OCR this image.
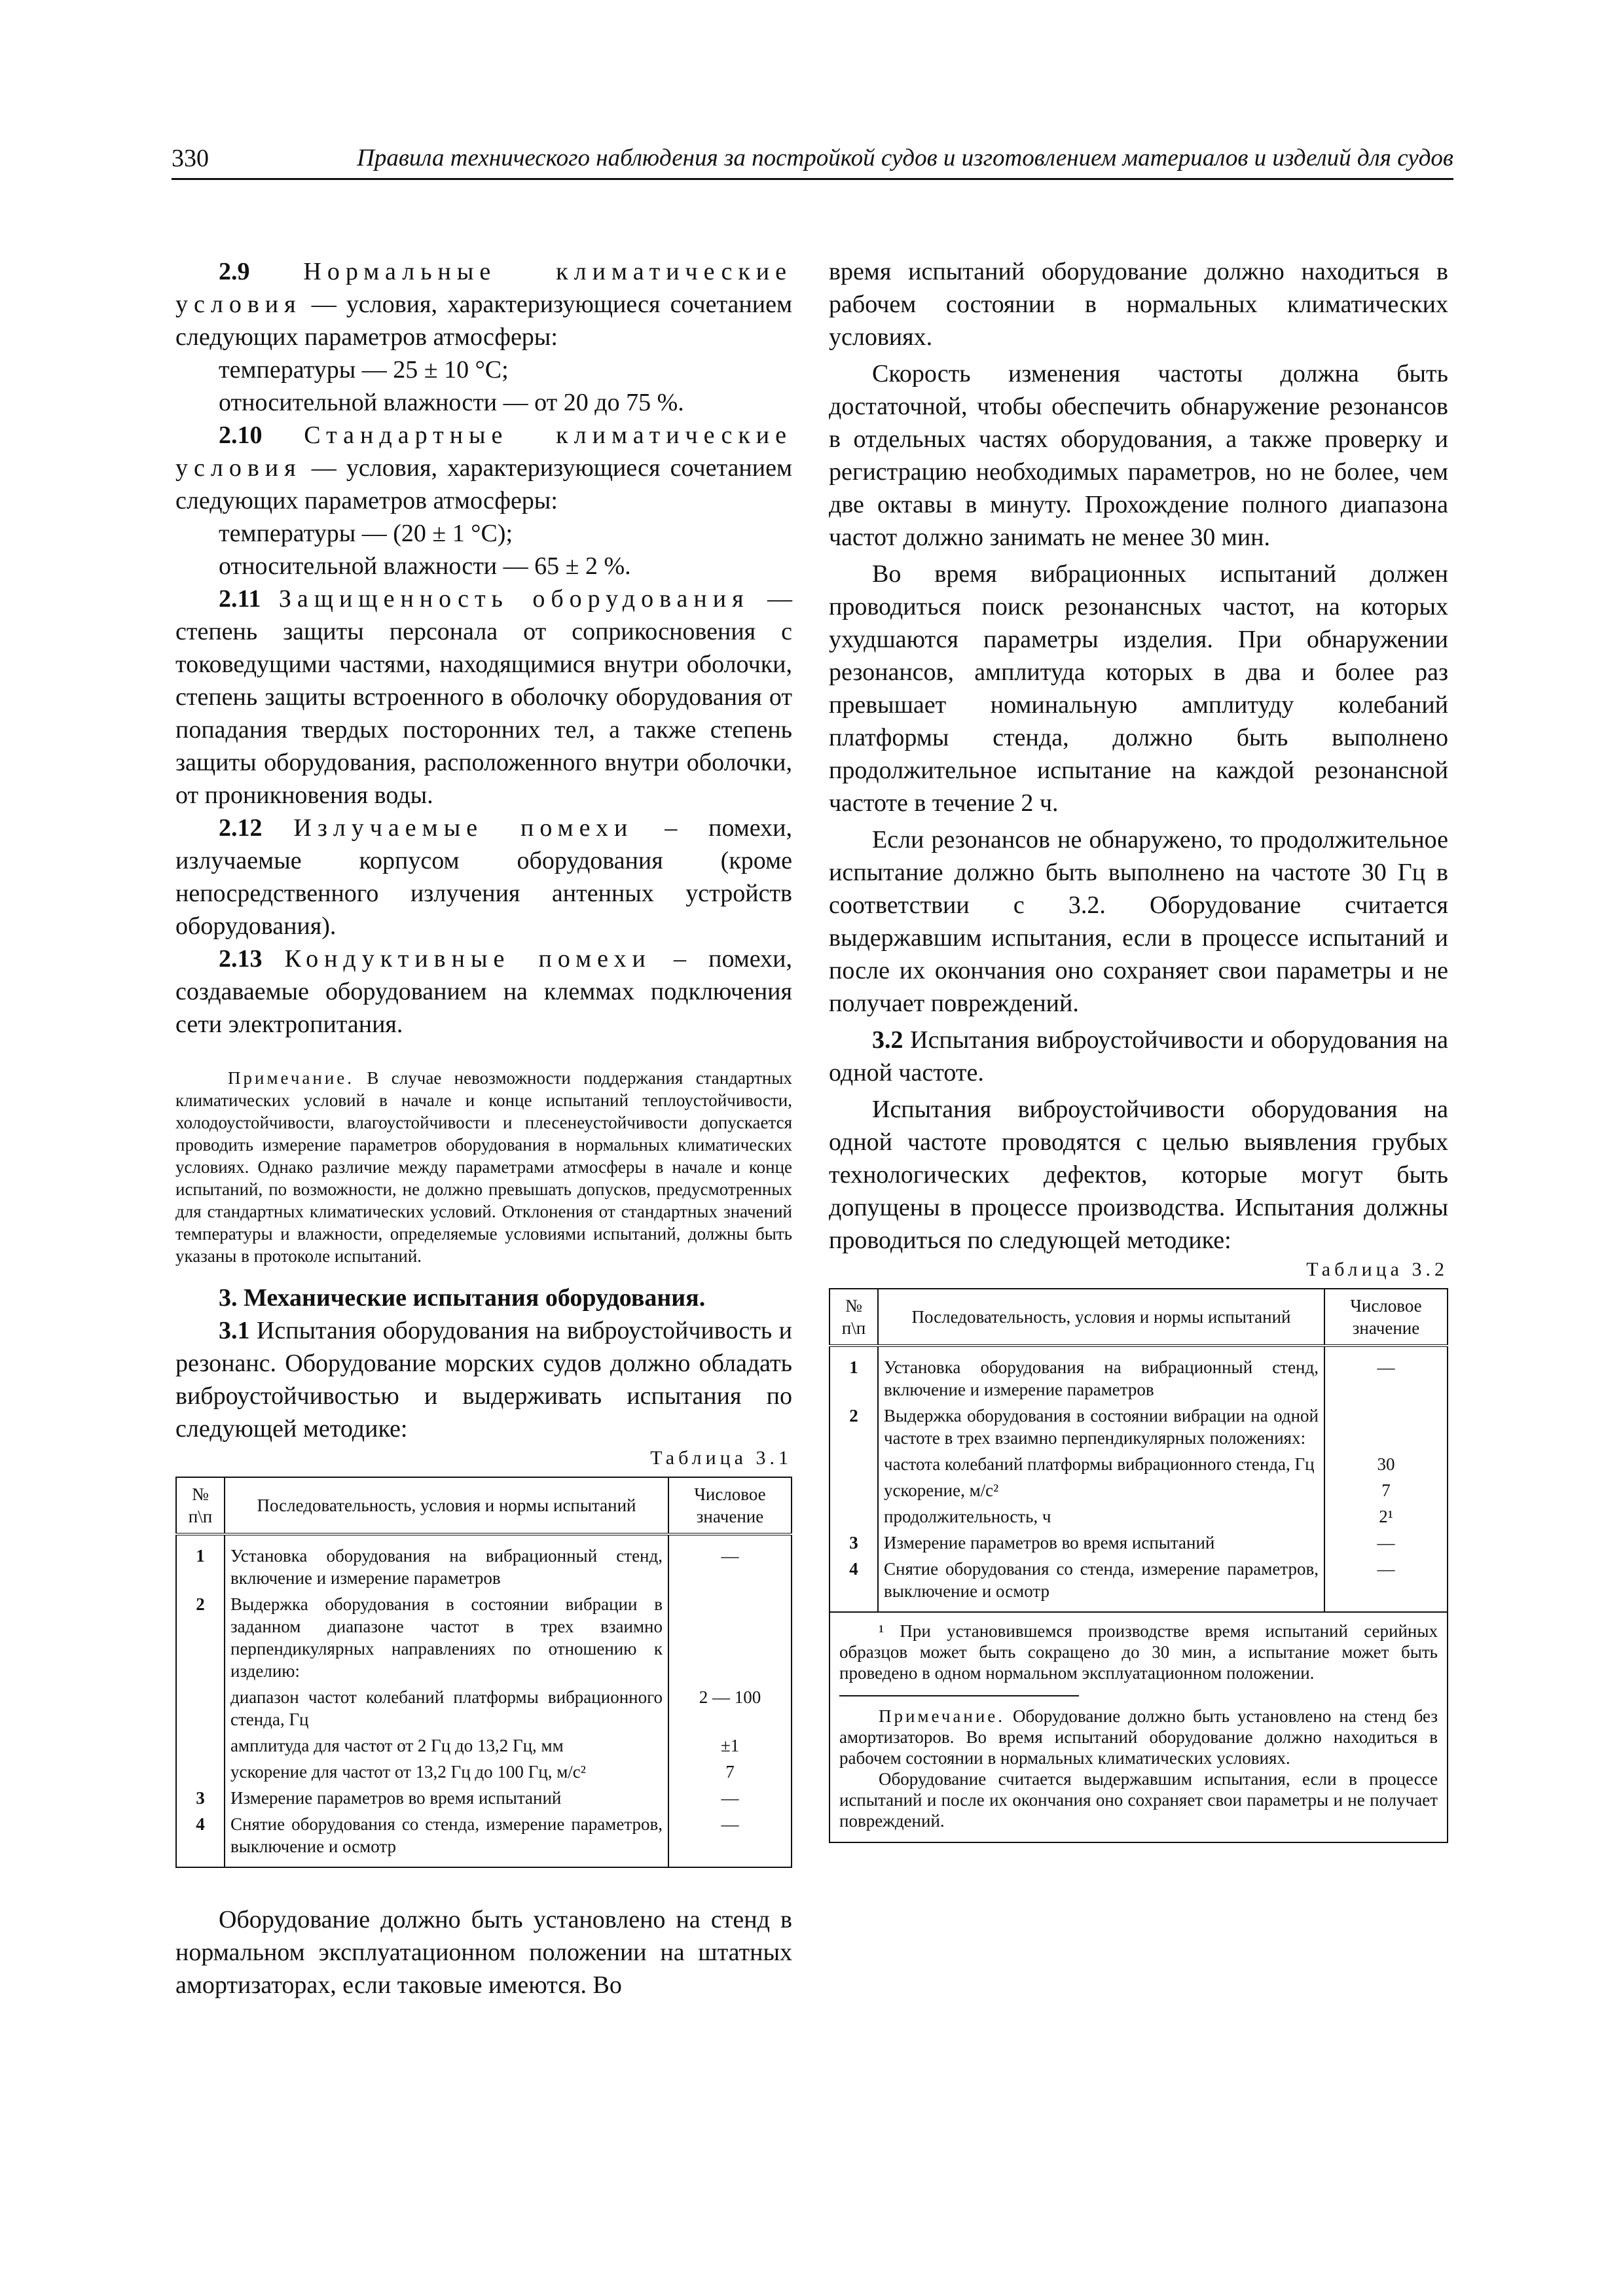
330	Правила технического наблюдения за постройкой судов и изготовлением материалов и изделий для судов

2.9 Нормальные климатические условия — условия, характеризующиеся сочетанием следующих параметров атмосферы:

температуры — 25 ± 10 °C;
относительной влажности — от 20 до 75 %.

2.10 Стандартные климатические условия — условия, характеризующиеся сочетанием следующих параметров атмосферы:

температуры — (20 ± 1 °C);
относительной влажности — 65 ± 2 %.

2.11 Защищенность оборудования — степень защиты персонала от соприкосновения с токоведущими частями, находящимися внутри оболочки, степень защиты встроенного в оболочку оборудования от попадания твердых посторонних тел, а также степень защиты оборудования, расположенного внутри оболочки, от проникновения воды.

2.12 Излучаемые помехи – помехи, излучаемые корпусом оборудования (кроме непосредственного излучения антенных устройств оборудования).

2.13 Кондуктивные помехи – помехи, создаваемые оборудованием на клеммах подключения сети электропитания.

Примечание. В случае невозможности поддержания стандартных климатических условий в начале и конце испытаний теплоустойчивости, холодоустойчивости, влагоустойчивости и плесенеустойчивости допускается проводить измерение параметров оборудования в нормальных климатических условиях. Однако различие между параметрами атмосферы в начале и конце испытаний, по возможности, не должно превышать допусков, предусмотренных для стандартных климатических условий. Отклонения от стандартных значений температуры и влажности, определяемые условиями испытаний, должны быть указаны в протоколе испытаний.

3. Механические испытания оборудования.

3.1 Испытания оборудования на виброустойчивость и резонанс. Оборудование морских судов должно обладать виброустойчивостью и выдерживать испытания по следующей методике:

Таблица 3.1
№ п\п	Последовательность, условия и нормы испытаний	Числовое значение
1	Установка оборудования на вибрационный стенд, включение и измерение параметров	—
2	Выдержка оборудования в состоянии вибрации в заданном диапазоне частот в трех взаимно перпендикулярных направлениях по отношению к изделию:	
	диапазон частот колебаний платформы вибрационного стенда, Гц	2 — 100
	амплитуда для частот от 2 Гц до 13,2 Гц, мм	±1
	ускорение для частот от 13,2 Гц до 100 Гц, м/с²	7
3	Измерение параметров во время испытаний	—
4	Снятие оборудования со стенда, измерение параметров, выключение и осмотр	—

Оборудование должно быть установлено на стенд в нормальном эксплуатационном положении на штатных амортизаторах, если таковые имеются. Во

время испытаний оборудование должно находиться в рабочем состоянии в нормальных климатических условиях.

Скорость изменения частоты должна быть достаточной, чтобы обеспечить обнаружение резонансов в отдельных частях оборудования, а также проверку и регистрацию необходимых параметров, но не более, чем две октавы в минуту. Прохождение полного диапазона частот должно занимать не менее 30 мин.

Во время вибрационных испытаний должен проводиться поиск резонансных частот, на которых ухудшаются параметры изделия. При обнаружении резонансов, амплитуда которых в два и более раз превышает номинальную амплитуду колебаний платформы стенда, должно быть выполнено продолжительное испытание на каждой резонансной частоте в течение 2 ч.

Если резонансов не обнаружено, то продолжительное испытание должно быть выполнено на частоте 30 Гц в соответствии с 3.2. Оборудование считается выдержавшим испытания, если в процессе испытаний и после их окончания оно сохраняет свои параметры и не получает повреждений.

3.2 Испытания виброустойчивости и оборудования на одной частоте.

Испытания виброустойчивости оборудования на одной частоте проводятся с целью выявления грубых технологических дефектов, которые могут быть допущены в процессе производства. Испытания должны проводиться по следующей методике:

Таблица 3.2
№ п\п	Последовательность, условия и нормы испытаний	Числовое значение
1	Установка оборудования на вибрационный стенд, включение и измерение параметров	—
2	Выдержка оборудования в состоянии вибрации на одной частоте в трех взаимно перпендикулярных положениях:	
	частота колебаний платформы вибрационного стенда, Гц	30
	ускорение, м/с²	7
	продолжительность, ч	2¹
3	Измерение параметров во время испытаний	—
4	Снятие оборудования со стенда, измерение параметров, выключение и осмотр	—

¹ При установившемся производстве время испытаний серийных образцов может быть сокращено до 30 мин, а испытание может быть проведено в одном нормальном эксплуатационном положении.

Примечание. Оборудование должно быть установлено на стенд без амортизаторов. Во время испытаний оборудование должно находиться в рабочем состоянии в нормальных климатических условиях.

Оборудование считается выдержавшим испытания, если в процессе испытаний и после их окончания оно сохраняет свои параметры и не получает повреждений.
